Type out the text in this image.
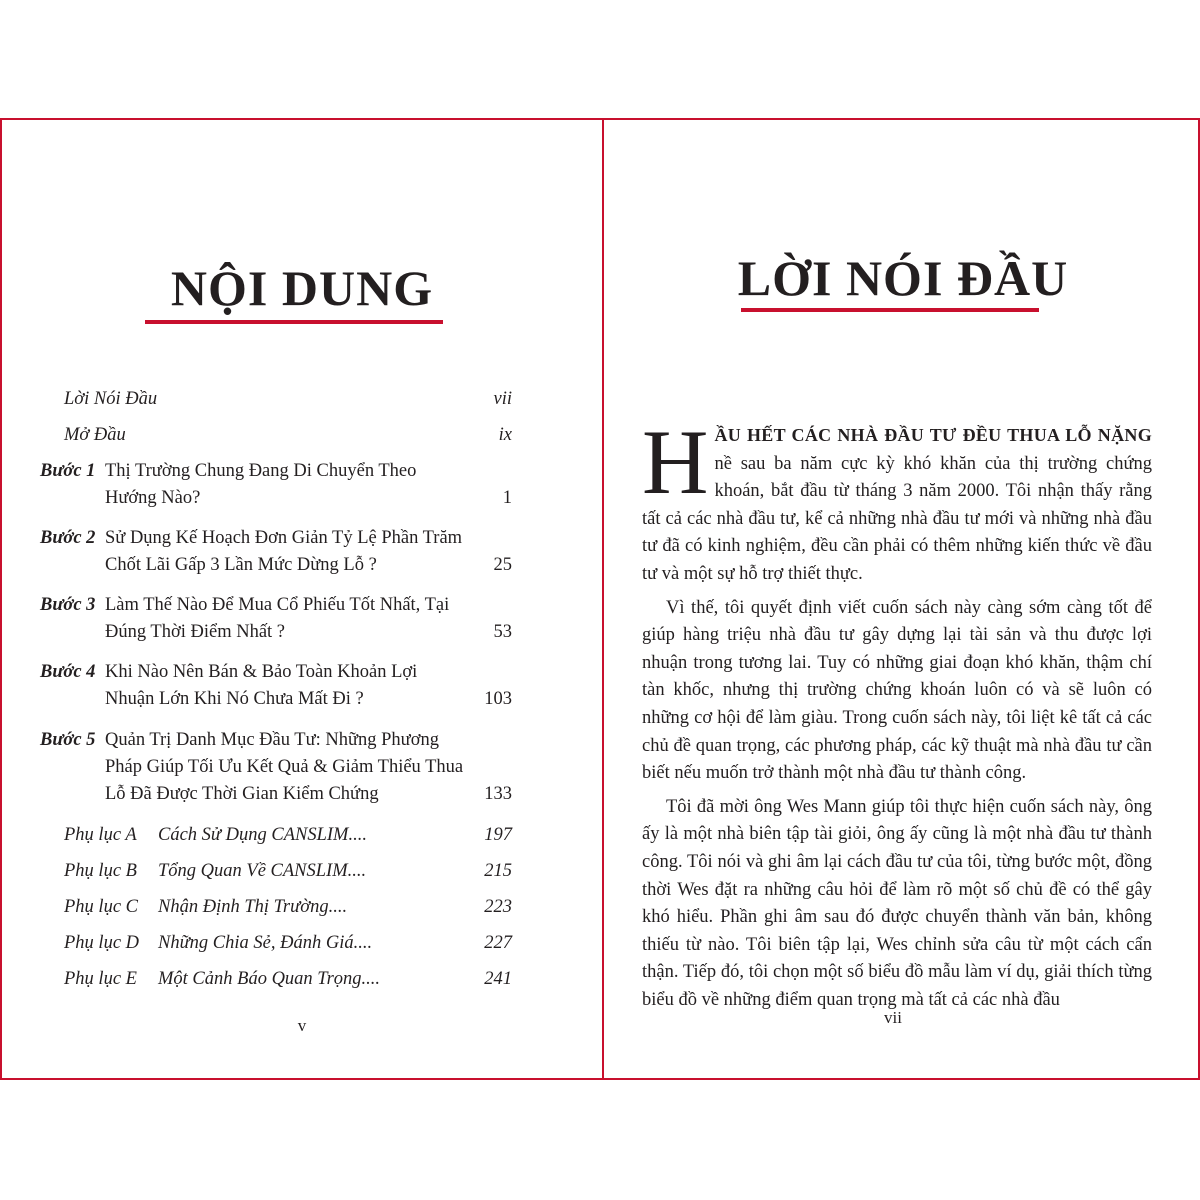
NỘI DUNG
Lời Nói Đầu	vii
Mở Đầu	ix
Bước 1 Thị Trường Chung Đang Di Chuyển Theo Hướng Nào?	1
Bước 2 Sử Dụng Kế Hoạch Đơn Giản Tỷ Lệ Phần Trăm Chốt Lãi Gấp 3 Lần Mức Dừng Lỗ ?	25
Bước 3 Làm Thế Nào Để Mua Cổ Phiếu Tốt Nhất, Tại Đúng Thời Điểm Nhất ?	53
Bước 4 Khi Nào Nên Bán & Bảo Toàn Khoản Lợi Nhuận Lớn Khi Nó Chưa Mất Đi ?	103
Bước 5 Quản Trị Danh Mục Đầu Tư: Những Phương Pháp Giúp Tối Ưu Kết Quả & Giảm Thiểu Thua Lỗ Đã Được Thời Gian Kiểm Chứng	133
Phụ lục A	Cách Sử Dụng CANSLIM....	197
Phụ lục B	Tổng Quan Về CANSLIM....	215
Phụ lục C	Nhận Định Thị Trường....	223
Phụ lục D	Những Chia Sẻ, Đánh Giá....	227
Phụ lục E	Một Cảnh Báo Quan Trọng....	241
v
LỜI NÓI ĐẦU

HẦU HẾT CÁC NHÀ ĐẦU TƯ ĐỀU THUA LỖ NẶNG nề sau ba năm cực kỳ khó khăn của thị trường chứng khoán, bắt đầu từ tháng 3 năm 2000. Tôi nhận thấy rằng tất cả các nhà đầu tư, kể cả những nhà đầu tư mới và những nhà đầu tư đã có kinh nghiệm, đều cần phải có thêm những kiến thức về đầu tư và một sự hỗ trợ thiết thực.

Vì thế, tôi quyết định viết cuốn sách này càng sớm càng tốt để giúp hàng triệu nhà đầu tư gây dựng lại tài sản và thu được lợi nhuận trong tương lai. Tuy có những giai đoạn khó khăn, thậm chí tàn khốc, nhưng thị trường chứng khoán luôn có và sẽ luôn có những cơ hội để làm giàu. Trong cuốn sách này, tôi liệt kê tất cả các chủ đề quan trọng, các phương pháp, các kỹ thuật mà nhà đầu tư cần biết nếu muốn trở thành một nhà đầu tư thành công.

Tôi đã mời ông Wes Mann giúp tôi thực hiện cuốn sách này, ông ấy là một nhà biên tập tài giỏi, ông ấy cũng là một nhà đầu tư thành công. Tôi nói và ghi âm lại cách đầu tư của tôi, từng bước một, đồng thời Wes đặt ra những câu hỏi để làm rõ một số chủ đề có thể gây khó hiểu. Phần ghi âm sau đó được chuyển thành văn bản, không thiếu từ nào. Tôi biên tập lại, Wes chỉnh sửa câu từ một cách cẩn thận. Tiếp đó, tôi chọn một số biểu đồ mẫu làm ví dụ, giải thích từng biểu đồ về những điểm quan trọng mà tất cả các nhà đầu

vii
